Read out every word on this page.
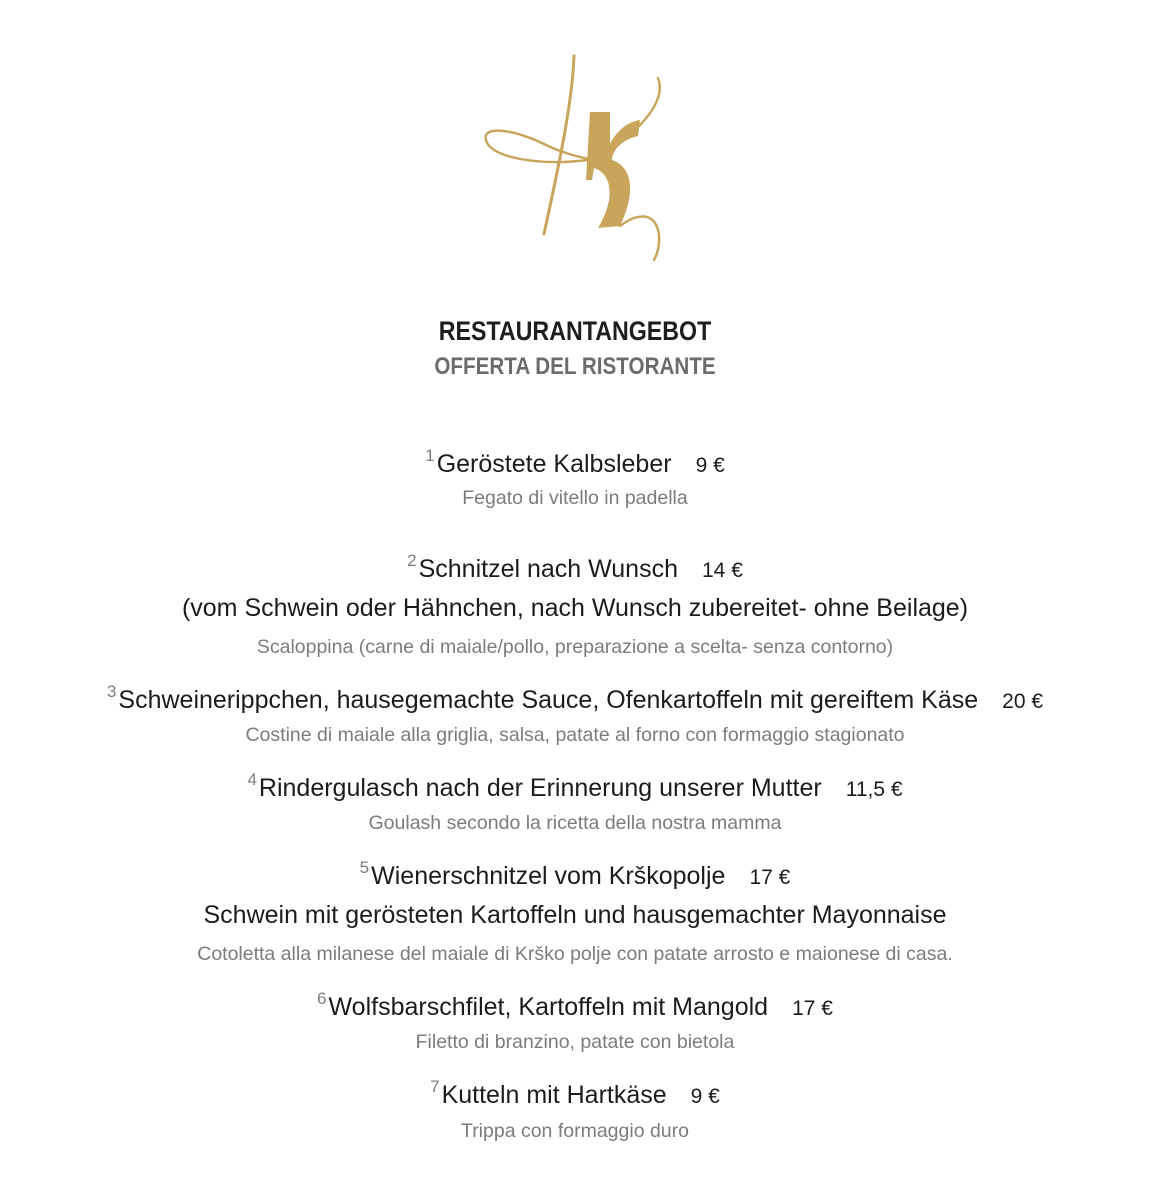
RESTAURANTANGEBOT
OFFERTA DEL RISTORANTE
$^1$Geröstete Kalbsleber 9 €
Fegato di vitello in padella
$^2$Schnitzel nach Wunsch 14 €
(vom Schwein oder Hähnchen, nach Wunsch zubereitet- ohne Beilage)
Scaloppina (carne di maiale/pollo, preparazione a scelta- senza contorno)
$^3$Schweinerippchen, hausegemachte Sauce, Ofenkartoffeln mit gereiftem Käse 20 €
Costine di maiale alla griglia, salsa, patate al forno con formaggio stagionato
$^4$Rindergulasch nach der Erinnerung unserer Mutter 11,5 €
Goulash secondo la ricetta della nostra mamma
$^5$Wienerschnitzel vom Krškopolje 17 €
Schwein mit gerösteten Kartoffeln und hausgemachter Mayonnaise
Cotoletta alla milanese del maiale di Krško polje con patate arrosto e maionese di casa.
$^6$Wolfsbarschfilet, Kartoffeln mit Mangold 17 €
Filetto di branzino, patate con bietola
$^7$Kutteln mit Hartkäse 9 €
Trippa con formaggio duro
